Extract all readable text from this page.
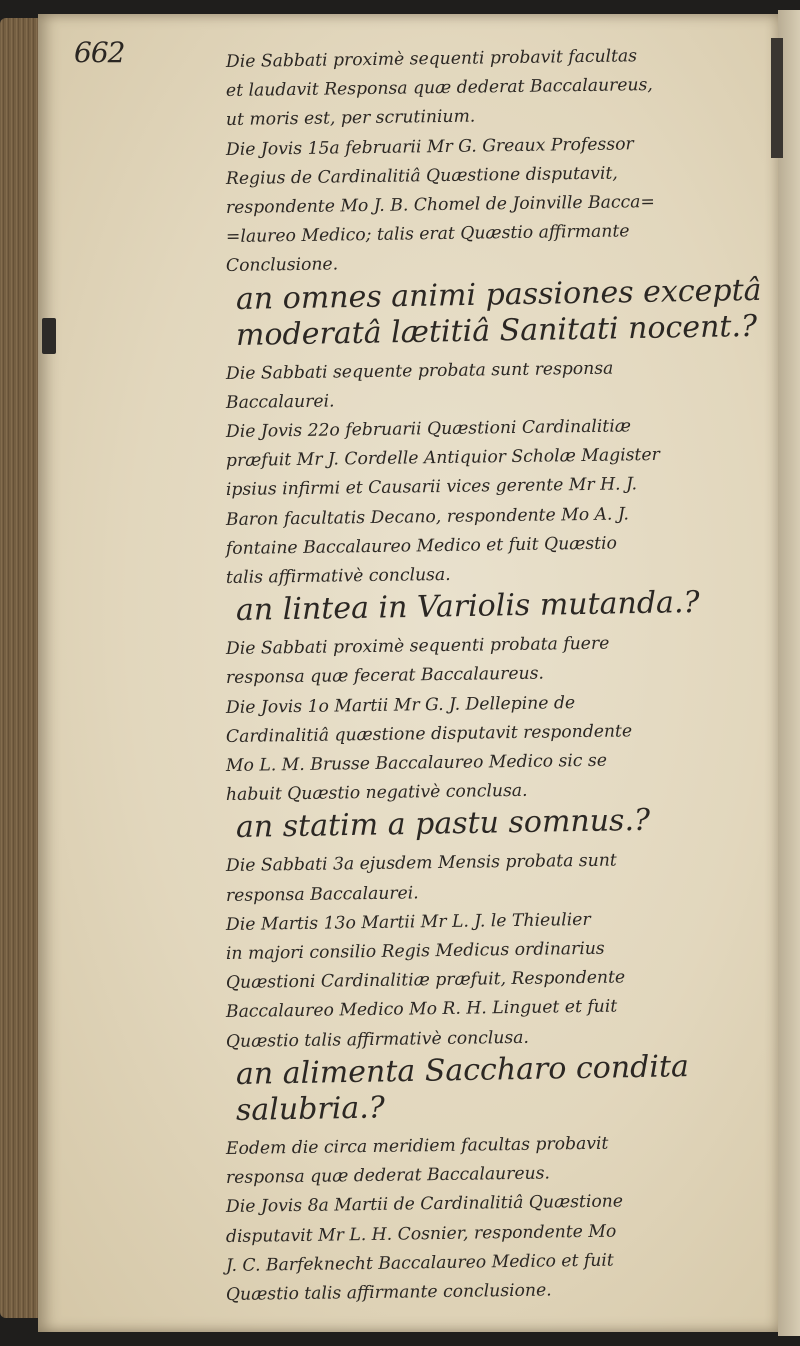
662	Die Sabbati proximè sequenti probavit facultas
et laudavit Responsa quæ dederat Baccalaureus,
ut moris est, per scrutinium.
Die Jovis 15a februarii Mr G. Greaux Professor
Regius de Cardinalitiâ Quæstione disputavit,
respondente Mo J. B. Chomel de Joinville Bacca=
=laureo Medico; talis erat Quæstio affirmante
Conclusione.
an omnes animi passiones exceptâ
moderatâ lætitiâ Sanitati nocent.?
Die Sabbati sequente probata sunt responsa
Baccalaurei.
Die Jovis 22o februarii Quæstioni Cardinalitiæ
præfuit Mr J. Cordelle Antiquior Scholæ Magister
ipsius infirmi et Causarii vices gerente Mr H. J.
Baron facultatis Decano, respondente Mo A. J.
fontaine Baccalaureo Medico et fuit Quæstio
talis affirmativè conclusa.
an lintea in Variolis mutanda.?
Die Sabbati proximè sequenti probata fuere
responsa quæ fecerat Baccalaureus.
Die Jovis 1o Martii Mr G. J. Dellepine de
Cardinalitiâ quæstione disputavit respondente
Mo L. M. Brusse Baccalaureo Medico sic se
habuit Quæstio negativè conclusa.
an statim a pastu somnus.?
Die Sabbati 3a ejusdem Mensis probata sunt
responsa Baccalaurei.
Die Martis 13o Martii Mr L. J. le Thieulier
in majori consilio Regis Medicus ordinarius
Quæstioni Cardinalitiæ præfuit, Respondente
Baccalaureo Medico Mo R. H. Linguet et fuit
Quæstio talis affirmativè conclusa.
an alimenta Saccharo condita
salubria.?
Eodem die circa meridiem facultas probavit
responsa quæ dederat Baccalaureus.
Die Jovis 8a Martii de Cardinalitiâ Quæstione
disputavit Mr L. H. Cosnier, respondente Mo
J. C. Barfeknecht Baccalaureo Medico et fuit
Quæstio talis affirmante conclusione.
